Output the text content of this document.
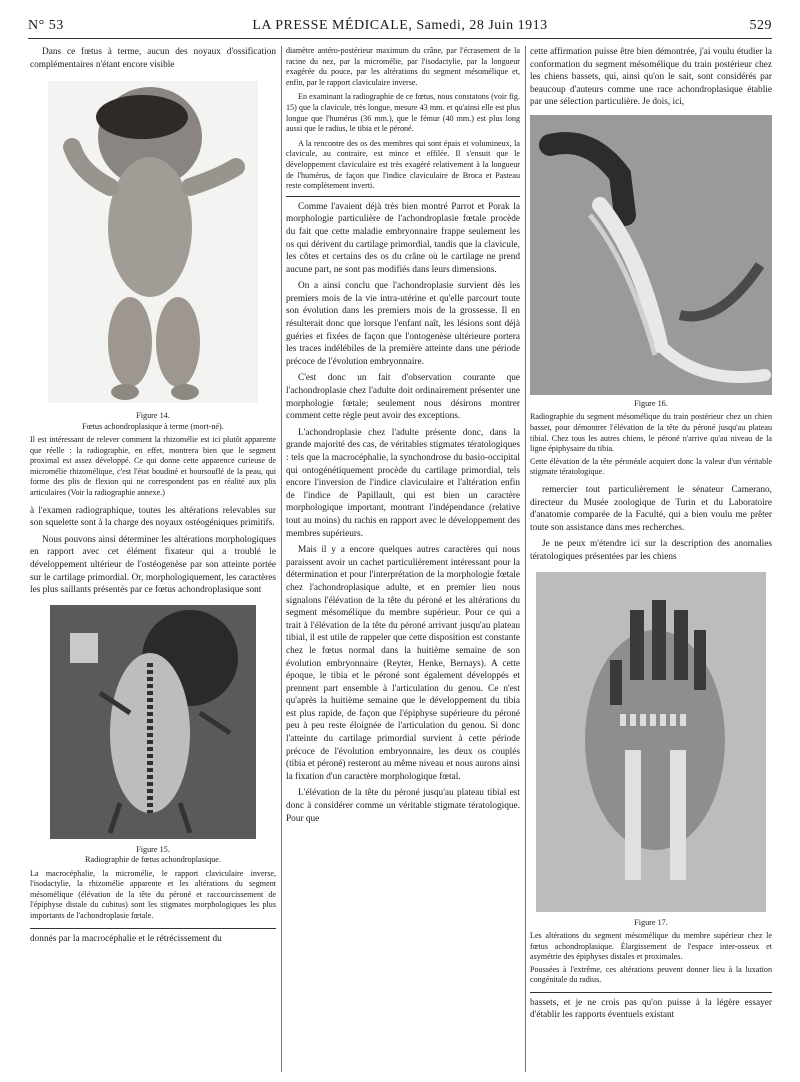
N° 53	LA PRESSE MÉDICALE, Samedi, 28 Juin 1913	529

Dans ce fœtus à terme, aucun des noyaux d'ossification complémentaires n'étant encore visible

Figure 14.
Fœtus achondroplasique à terme (mort-né).
Il est intéressant de relever comment la rhizomélie est ici plutôt apparente que réelle : la radiographie, en effet, montrera bien que le segment proximal est assez développé. Ce qui donne cette apparence curieuse de micromélie rhizomélique, c'est l'état boudiné et boursouflé de la peau, qui forme des plis de flexion qui ne correspondent pas en réalité aux plis articulaires (Voir la radiographie annexe.)

à l'examen radiographique, toutes les altérations relevables sur son squelette sont à la charge des noyaux ostéogéniques primitifs.

Nous pouvons ainsi déterminer les altérations morphologiques en rapport avec cet élément fixateur qui a troublé le développement ultérieur de l'ostéogenèse par son atteinte portée sur le cartilage primordial. Or, morphologiquement, les caractères les plus saillants présentés par ce fœtus achondroplasique sont

Figure 15.
Radiographie de fœtus achondroplasique.
La macrocéphalie, la micromélie, le rapport claviculaire inverse, l'isodactylie, la rhizomélie apparente et les altérations du segment mésomélique (élévation de la tête du péroné et raccourcissement de l'épiphyse distale du cubitus) sont les stigmates morphologiques les plus importants de l'achondroplasie fœtale.

donnés par la macrocéphalie et le rétrécissement du

diamètre antéro-postérieur maximum du crâne, par l'écrasement de la racine du nez, par la micromélie, par l'isodactylie, par la longueur exagérée du pouce, par les altérations du segment mésomélique et, enfin, par le rapport claviculaire inverse.

En examinant la radiographie de ce fœtus, nous constatons (voir fig. 15) que la clavicule, très longue, mesure 43 mm. et qu'ainsi elle est plus longue que l'humérus (36 mm.), que le fémur (40 mm.) est plus long aussi que le radius, le tibia et le péroné.

A la rencontre des os des membres qui sont épais et volumineux, la clavicule, au contraire, est mince et effilée. Il s'ensuit que le développement claviculaire est très exagéré relativement à la longueur de l'humérus, de façon que l'indice claviculaire de Broca et Pasteau reste complètement inverti.

Comme l'avaient déjà très bien montré Parrot et Porak la morphologie particulière de l'achondroplasie fœtale procède du fait que cette maladie embryonnaire frappe seulement les os qui dérivent du cartilage primordial, tandis que la clavicule, les côtes et certains des os du crâne où le cartilage ne prend aucune part, ne sont pas modifiés dans leurs dimensions.

On a ainsi conclu que l'achondroplasie survient dès les premiers mois de la vie intra-utérine et qu'elle parcourt toute son évolution dans les premiers mois de la grossesse. Il en résulterait donc que lorsque l'enfant naît, les lésions sont déjà guéries et fixées de façon que l'ontogenèse ultérieure portera les traces indélébiles de la première atteinte dans une période précoce de l'évolution embryonnaire.

C'est donc un fait d'observation courante que l'achondroplasie chez l'adulte doit ordinairement présenter une morphologie fœtale; seulement nous désirons montrer comment cette règle peut avoir des exceptions.

L'achondroplasie chez l'adulte présente donc, dans la grande majorité des cas, de véritables stigmates tératologiques : tels que la macrocéphalie, la synchondrose du basio-occipital qui ontogénétiquement procède du cartilage primordial, tels encore l'inversion de l'indice claviculaire et l'altération enfin de l'indice de Papillault, qui est bien un caractère morphologique important, montrant l'indépendance (relative tout au moins) du rachis en rapport avec le développement des membres supérieurs.

Mais il y a encore quelques autres caractères qui nous paraissent avoir un cachet particulièrement intéressant pour la détermination et pour l'interprétation de la morphologie fœtale chez l'achondroplasique adulte, et en premier lieu nous signalons l'élévation de la tête du péroné et les altérations du segment mésomélique du membre supérieur. Pour ce qui a trait à l'élévation de la tête du péroné arrivant jusqu'au plateau tibial, il est utile de rappeler que cette disposition est constante chez le fœtus normal dans la huitième semaine de son évolution embryonnaire (Reyter, Henke, Bernays). A cette époque, le tibia et le péroné sont également développés et prennent part ensemble à l'articulation du genou. Ce n'est qu'après la huitième semaine que le développement du tibia est plus rapide, de façon que l'épiphyse supérieure du péroné peu à peu reste éloignée de l'articulation du genou. Si donc l'atteinte du cartilage primordial survient à cette période précoce de l'évolution embryonnaire, les deux os couplés (tibia et péroné) resteront au même niveau et nous aurons ainsi la fixation d'un caractère morphologique fœtal.

L'élévation de la tête du péroné jusqu'au plateau tibial est donc à considérer comme un véritable stigmate tératologique. Pour que

cette affirmation puisse être bien démontrée, j'ai voulu étudier la conformation du segment mésomélique du train postérieur chez les chiens bassets, qui, ainsi qu'on le sait, sont considérés par beaucoup d'auteurs comme une race achondroplasique établie par une sélection particulière. Je dois, ici,

Figure 16.
Radiographie du segment mésomélique du train postérieur chez un chien basset, pour démontrer l'élévation de la tête du péroné jusqu'au plateau tibial. Chez tous les autres chiens, le péroné n'arrive qu'au niveau de la ligne épiphysaire du tibia.
Cette élévation de la tête péronéale acquiert donc la valeur d'un véritable stigmate tératologique.

remercier tout particulièrement le sénateur Camerano, directeur du Musée zoologique de Turin et du Laboratoire d'anatomie comparée de la Faculté, qui a bien voulu me prêter toute son assistance dans mes recherches.

Je ne peux m'étendre ici sur la description des anomalies tératologiques présentées par les chiens

Figure 17.
Les altérations du segment mésomélique du membre supérieur chez le fœtus achondroplasique. Élargissement de l'espace inter-osseux et asymétrie des épiphyses distales et proximales.
Poussées à l'extrême, ces altérations peuvent donner lieu à la luxation congénitale du radius.

bassets, et je ne crois pas qu'on puisse à la légère essayer d'établir les rapports éventuels existant
